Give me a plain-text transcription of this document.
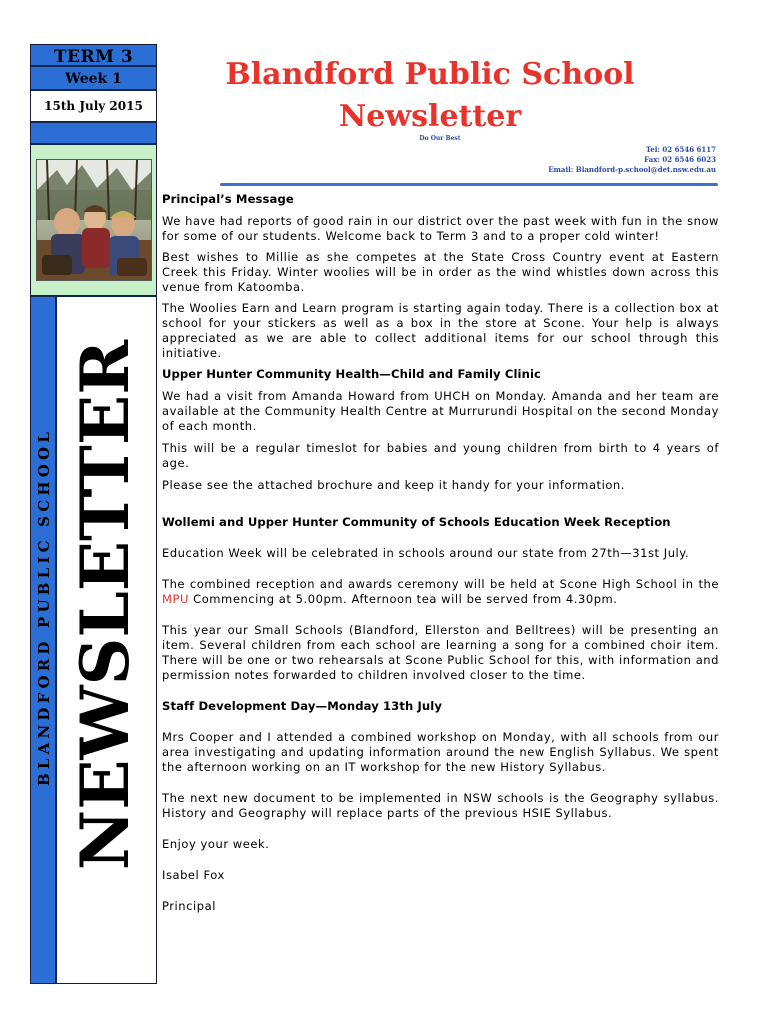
TERM 3
Week 1
15th July 2015
BLANDFORD PUBLIC SCHOOL NEWSLETTER
Blandford Public School
Newsletter
Do Our Best
Tel: 02 6546 6117
Fax: 02 6546 6023
Email: Blandford-p.school@det.nsw.edu.au

Principal’s Message

We have had reports of good rain in our district over the past week with fun in the snow for some of our students. Welcome back to Term 3 and to a proper cold winter!

Best wishes to Millie as she competes at the State Cross Country event at Eastern Creek this Friday. Winter woolies will be in order as the wind whistles down across this venue from Katoomba.

The Woolies Earn and Learn program is starting again today. There is a collection box at school for your stickers as well as a box in the store at Scone. Your help is always appreciated as we are able to collect additional items for our school through this initiative.

Upper Hunter Community Health—Child and Family Clinic

We had a visit from Amanda Howard from UHCH on Monday. Amanda and her team are available at the Community Health Centre at Murrurundi Hospital on the second Monday of each month.

This will be a regular timeslot for babies and young children from birth to 4 years of age.

Please see the attached brochure and keep it handy for your information.

Wollemi and Upper Hunter Community of Schools Education Week Reception

Education Week will be celebrated in schools around our state from 27th—31st July.

The combined reception and awards ceremony will be held at Scone High School in the MPU Commencing at 5.00pm. Afternoon tea will be served from 4.30pm.

This year our Small Schools (Blandford, Ellerston and Belltrees) will be presenting an item. Several children from each school are learning a song for a combined choir item. There will be one or two rehearsals at Scone Public School for this, with information and permission notes forwarded to children involved closer to the time.

Staff Development Day—Monday 13th July

Mrs Cooper and I attended a combined workshop on Monday, with all schools from our area investigating and updating information around the new English Syllabus. We spent the afternoon working on an IT workshop for the new History Syllabus.

The next new document to be implemented in NSW schools is the Geography syllabus. History and Geography will replace parts of the previous HSIE Syllabus.

Enjoy your week.

Isabel Fox

Principal
